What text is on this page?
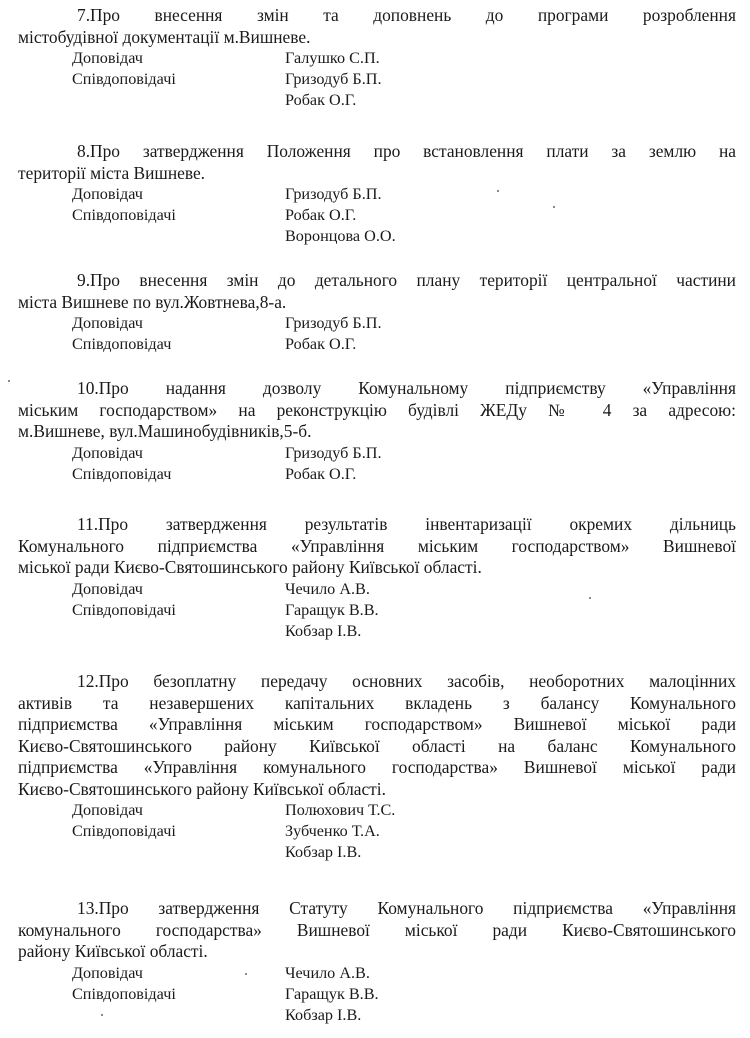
7.Про внесення змін та доповнень до програми розроблення
містобудівної документації м.Вишневе.

Доповідач	Галушко С.П.
Співдоповідачі	Гризодуб Б.П.
Робак О.Г.

8.Про затвердження Положення про встановлення плати за землю на
території міста Вишневе.

Доповідач	Гризодуб Б.П.
Співдоповідачі	Робак О.Г.
Воронцова О.О.

9.Про внесення змін до детального плану території центральної частини
міста Вишневе по вул.Жовтнева,8-а.

Доповідач	Гризодуб Б.П.
Співдоповідач	Робак О.Г.

10.Про надання дозволу Комунальному підприємству «Управління
міським господарством» на реконструкцію будівлі ЖЕДу № 4 за адресою:
м.Вишневе, вул.Машинобудівників,5-б.

Доповідач	Гризодуб Б.П.
Співдоповідач	Робак О.Г.

11.Про затвердження результатів інвентаризації окремих дільниць
Комунального підприємства «Управління міським господарством» Вишневої
міської ради Києво-Святошинського району Київської області.

Доповідач	Чечило А.В.
Співдоповідачі	Гаращук В.В.
Кобзар І.В.

12.Про безоплатну передачу основних засобів, необоротних малоцінних
активів та незавершених капітальних вкладень з балансу Комунального
підприємства «Управління міським господарством» Вишневої міської ради
Києво-Святошинського району Київської області на баланс Комунального
підприємства «Управління комунального господарства» Вишневої міської ради
Києво-Святошинського району Київської області.

Доповідач	Полюхович Т.С.
Співдоповідачі	Зубченко Т.А.
Кобзар І.В.

13.Про затвердження Статуту Комунального підприємства «Управління
комунального господарства» Вишневої міської ради Києво-Святошинського
району Київської області.

Доповідач	Чечило А.В.
Співдоповідачі	Гаращук В.В.
Кобзар І.В.
